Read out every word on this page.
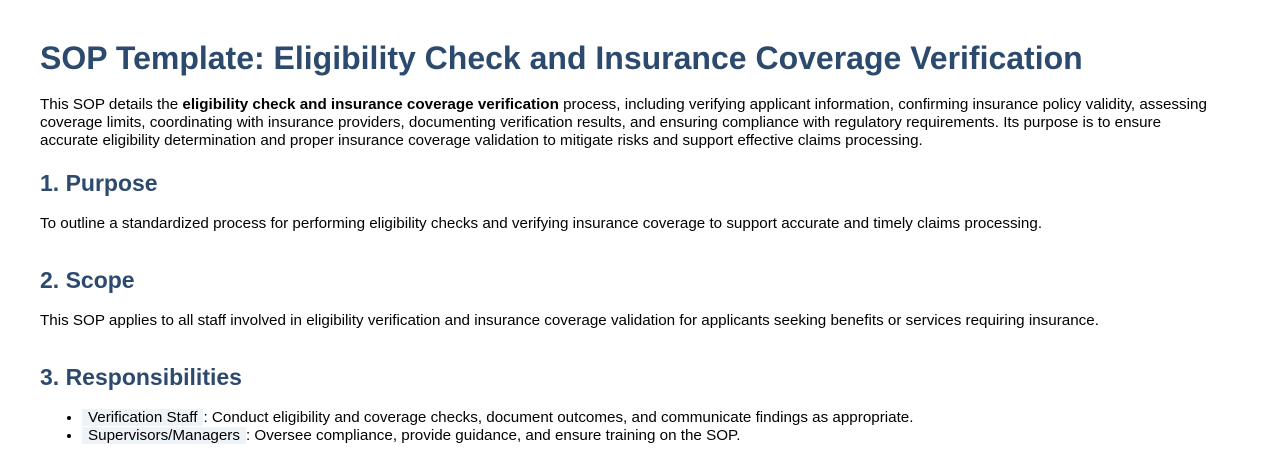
SOP Template: Eligibility Check and Insurance Coverage Verification

This SOP details the eligibility check and insurance coverage verification process, including verifying applicant information, confirming insurance policy validity, assessing coverage limits, coordinating with insurance providers, documenting verification results, and ensuring compliance with regulatory requirements. Its purpose is to ensure accurate eligibility determination and proper insurance coverage validation to mitigate risks and support effective claims processing.

1. Purpose

To outline a standardized process for performing eligibility checks and verifying insurance coverage to support accurate and timely claims processing.

2. Scope

This SOP applies to all staff involved in eligibility verification and insurance coverage validation for applicants seeking benefits or services requiring insurance.

3. Responsibilities
• Verification Staff : Conduct eligibility and coverage checks, document outcomes, and communicate findings as appropriate.
• Supervisors/Managers : Oversee compliance, provide guidance, and ensure training on the SOP.
